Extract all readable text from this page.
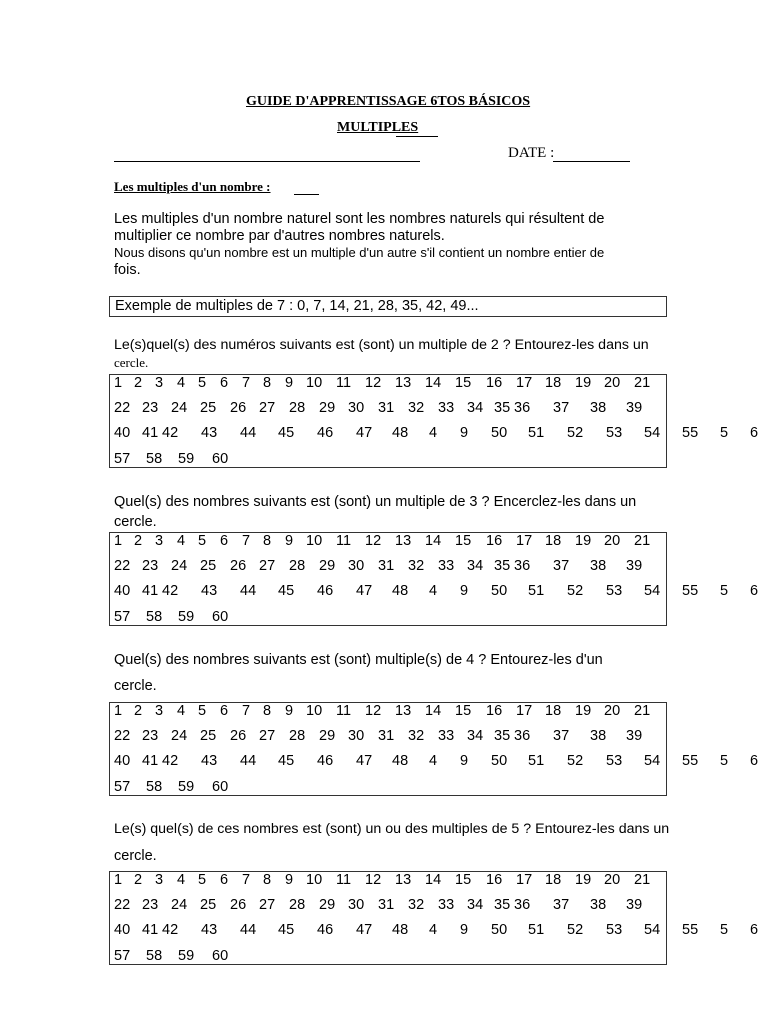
GUIDE D'APPRENTISSAGE 6TOS BÁSICOS
MULTIPLES
DATE :
Les multiples d'un nombre :
Les multiples d'un nombre naturel sont les nombres naturels qui résultent de
multiplier ce nombre par d'autres nombres naturels.
Nous disons qu'un nombre est un multiple d'un autre s'il contient un nombre entier de
fois.
Exemple de multiples de 7 : 0, 7, 14, 21, 28, 35, 42, 49...
Le(s)quel(s) des numéros suivants est (sont) un multiple de 2 ? Entourez-les dans un
cercle.
Quel(s) des nombres suivants est (sont) un multiple de 3 ? Encerclez-les dans un
cercle.
Quel(s) des nombres suivants est (sont) multiple(s) de 4 ? Entourez-les d'un
cercle.
Le(s) quel(s) de ces nombres est (sont) un ou des multiples de 5 ? Entourez-les dans un
cercle.
1 2 3 4 5 6 7 8 9 10 11 12 13 14 15 16 17 18 19 20 21
22 23 24 25 26 27 28 29 30 31 32 33 34 35 36 37 38 39
40 41 42 43 44 45 46 47 48 4 9 50 51 52 53 54
57 58 59 60
55 5 6
1 2 3 4 5 6 7 8 9 10 11 12 13 14 15 16 17 18 19 20 21
22 23 24 25 26 27 28 29 30 31 32 33 34 35 36 37 38 39
40 41 42 43 44 45 46 47 48 4 9 50 51 52 53 54
57 58 59 60
55 5 6
1 2 3 4 5 6 7 8 9 10 11 12 13 14 15 16 17 18 19 20 21
22 23 24 25 26 27 28 29 30 31 32 33 34 35 36 37 38 39
40 41 42 43 44 45 46 47 48 4 9 50 51 52 53 54
57 58 59 60
55 5 6
1 2 3 4 5 6 7 8 9 10 11 12 13 14 15 16 17 18 19 20 21
22 23 24 25 26 27 28 29 30 31 32 33 34 35 36 37 38 39
40 41 42 43 44 45 46 47 48 4 9 50 51 52 53 54
57 58 59 60
55 5 6
